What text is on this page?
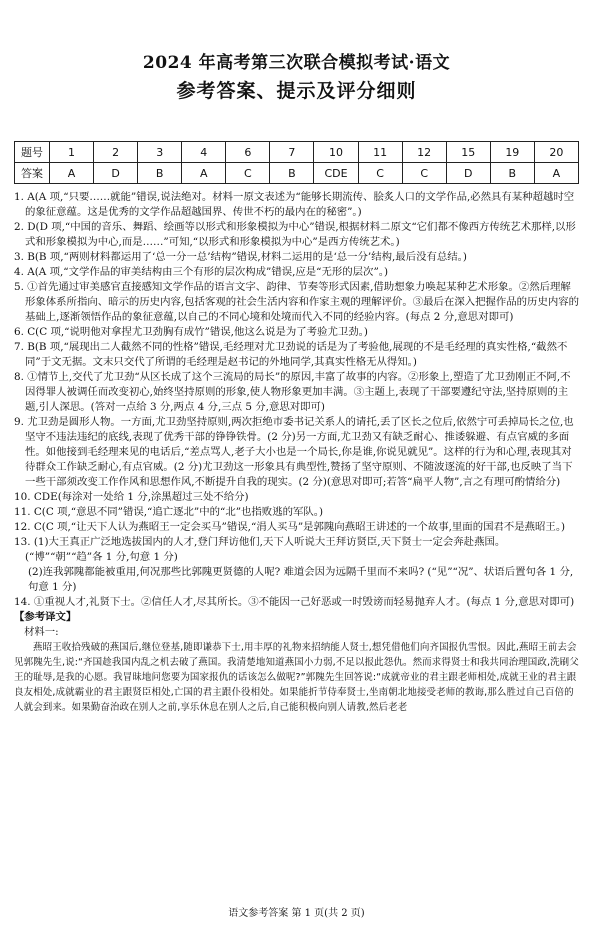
2024 年高考第三次联合模拟考试·语文
参考答案、提示及评分细则
题号	1	2	3	4	6	7	10	11	12	15	19	20
答案	A	D	B	A	C	B	CDE	C	C	D	B	A

1. A(A 项,“只要……就能”错误,说法绝对。材料一原文表述为“能够长期流传、脍炙人口的文学作品,必然具有某种超越时空的象征意蕴。这是优秀的文学作品超越国界、传世不朽的最内在的秘密”。)

2. D(D 项,“中国的音乐、舞蹈、绘画等以形式和形象模拟为中心”错误,根据材料二原文“它们都不像西方传统艺术那样,以形式和形象模拟为中心,而是……”可知,“以形式和形象模拟为中心”是西方传统艺术。)

3. B(B 项,“两则材料都运用了‘总一分一总’结构”错误,材料二运用的是‘总一分’结构,最后没有总结。)

4. A(A 项,“文学作品的审美结构由三个有形的层次构成”错误,应是“无形的层次”。)

5. ①首先通过审美感官直接感知文学作品的语言文字、韵律、节奏等形式因素,借助想象力唤起某种艺术形象。②然后理解形象体系所指向、暗示的历史内容,包括客观的社会生活内容和作家主观的理解评价。③最后在深入把握作品的历史内容的基础上,逐渐领悟作品的象征意蕴,以自己的不同心境和处境而代入不同的经验内容。(每点 2 分,意思对即可)

6. C(C 项,“说明他对拿捏尤卫劲胸有成竹”错误,他这么说是为了考验尤卫劲。)

7. B(B 项,“展现出二人截然不同的性格”错误,毛经理对尤卫劲说的话是为了考验他,展现的不是毛经理的真实性格,“截然不同”于文无据。文末只交代了所谓的毛经理是赵书记的外地同学,其真实性格无从得知。)

8. ①情节上,交代了尤卫劲“从区长成了这个三流局的局长”的原因,丰富了故事的内容。②形象上,塑造了尤卫劲刚正不阿,不因得罪人被调任而改变初心,始终坚持原则的形象,使人物形象更加丰满。③主题上,表现了干部要遵纪守法,坚持原则的主题,引人深思。(答对一点给 3 分,两点 4 分,三点 5 分,意思对即可)

9. 尤卫劲是圆形人物。一方面,尤卫劲坚持原则,两次拒绝市委书记关系人的请托,丢了区长之位后,依然宁可丢掉局长之位,也坚守不违法违纪的底线,表现了优秀干部的铮铮铁骨。(2 分)另一方面,尤卫劲又有缺乏耐心、推诿躲避、有点官威的多面性。如他接到毛经理来见的电话后,“差点骂人,老子大小也是一个局长,你是谁,你说见就见”。这样的行为和心理,表现其对待群众工作缺乏耐心,有点官威。(2 分)尤卫劲这一形象具有典型性,赞扬了坚守原则、不随波逐流的好干部,也反映了当下一些干部须改变工作作风和思想作风,不断提升自我的现实。(2 分)(意思对即可;若答“扁平人物”,言之有理可酌情给分)

10. CDE(每涂对一处给 1 分,涂黑超过三处不给分)

11. C(C 项,“意思不同”错误,“追亡逐北”中的“北”也指败逃的军队。)

12. C(C 项,“让天下人认为燕昭王一定会买马”错误,“涓人买马”是郭隗向燕昭王讲述的一个故事,里面的国君不是燕昭王。)

13. (1)大王真正广泛地选拔国内的人才,登门拜访他们,天下人听说大王拜访贤臣,天下贤士一定会奔赴燕国。(“博”“朝”“趋”各 1 分,句意 1 分)

(2)连我郭隗都能被重用,何况那些比郭隗更贤德的人呢? 难道会因为远隔千里而不来吗? (“见”“况”、状语后置句各 1 分,句意 1 分)

14. ①重视人才,礼贤下士。②信任人才,尽其所长。③不能因一己好恶或一时毁谤而轻易抛弃人才。(每点 1 分,意思对即可)

【参考译文】

材料一:

燕昭王收拾残破的燕国后,继位登基,随即谦恭下士,用丰厚的礼物来招纳能人贤士,想凭借他们向齐国报仇雪恨。因此,燕昭王前去会见郭隗先生,说:“齐国趁我国内乱之机去破了燕国。我清楚地知道燕国小力弱,不足以报此怨仇。然而求得贤士和我共同治理国政,洗刷父王的耻辱,是我的心愿。我冒昧地问您要为国家报仇的话该怎么做呢?”郭隗先生回答说:“成就帝业的君主跟老师相处,成就王业的君主跟良友相处,成就霸业的君主跟贤臣相处,亡国的君主跟仆役相处。如果能折节侍奉贤士,坐南朝北地接受老师的教诲,那么胜过自己百倍的人就会到来。如果勤奋治政在别人之前,享乐休息在别人之后,自己能积极向别人请教,然后老老

语文参考答案 第 1 页(共 2 页)
